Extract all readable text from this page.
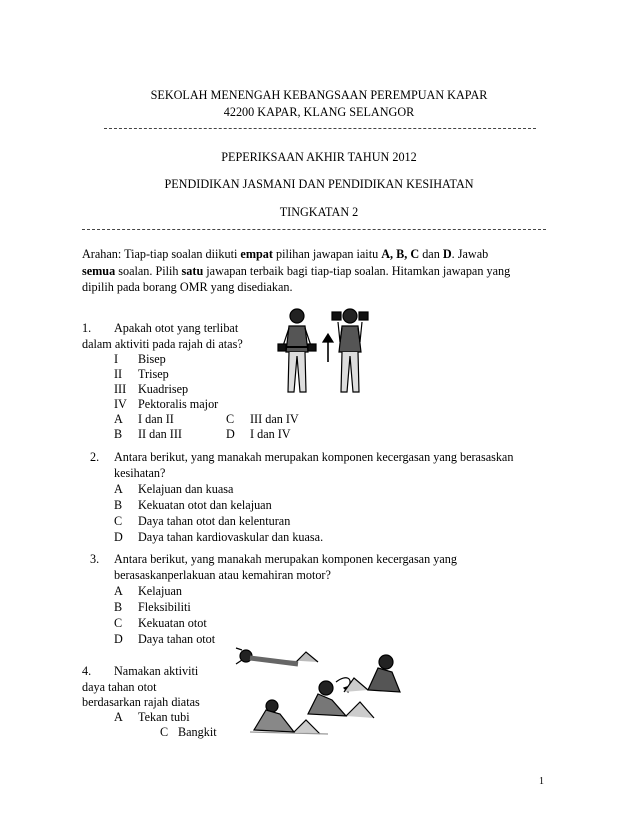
SEKOLAH MENENGAH KEBANGSAAN PEREMPUAN KAPAR
42200 KAPAR, KLANG SELANGOR
PEPERIKSAAN AKHIR TAHUN 2012
PENDIDIKAN JASMANI DAN PENDIDIKAN KESIHATAN
TINGKATAN 2
Arahan: Tiap-tiap soalan diikuti empat pilihan jawapan iaitu A, B, C dan D. Jawab
semua soalan. Pilih satu jawapan terbaik bagi tiap-tiap soalan. Hitamkan jawapan yang
dipilih pada borang OMR yang disediakan.
1. Apakah otot yang terlibat
dalam aktiviti pada rajah di atas?
I Bisep
II Trisep
III Kuadrisep
IV Pektoralis major
A I dan II	C III dan IV
B II dan III	D I dan IV
2. Antara berikut, yang manakah merupakan komponen kecergasan yang berasaskan
kesihatan?
A Kelajuan dan kuasa
B Kekuatan otot dan kelajuan
C Daya tahan otot dan kelenturan
D Daya tahan kardiovaskular dan kuasa.
3. Antara berikut, yang manakah merupakan komponen kecergasan yang
berasaskanperlakuan atau kemahiran motor?
A Kelajuan
B Fleksibiliti
C Kekuatan otot
D Daya tahan otot
4. Namakan aktiviti
daya tahan otot
berdasarkan rajah diatas
A Tekan tubi
C Bangkit
1
